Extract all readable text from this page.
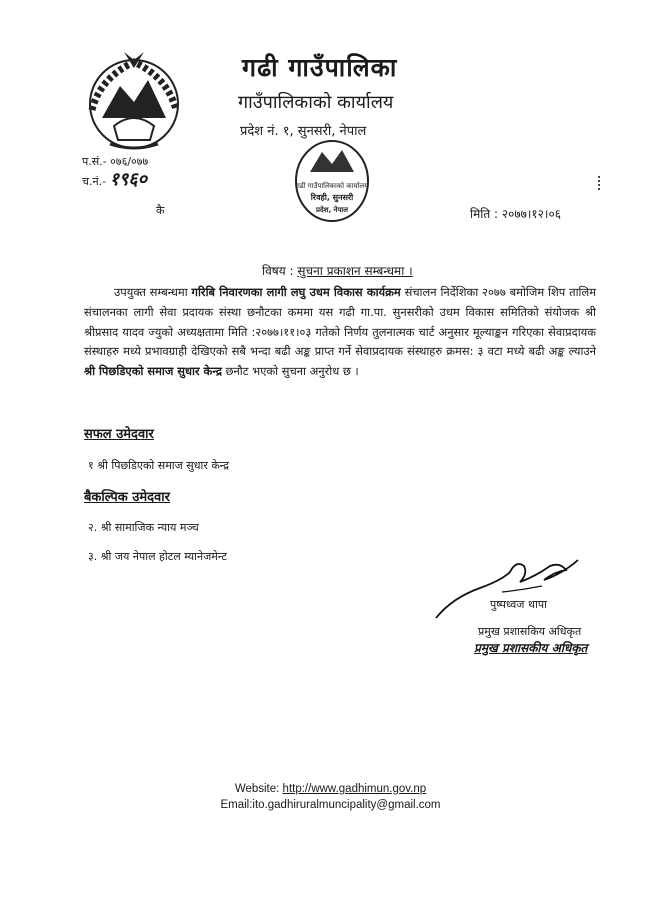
गढी गाउँपालिका
गाउँपालिकाको कार्यालय
प्रदेश नं. १, सुनसरी, नेपाल
प.सं.- ०७६/०७७
च.नं.- १९६०	गढी गाउँपालिकाको कार्यालय
रिवही, सुनसरी
प्रदेश, नेपाल
कै	मिति : २०७७।१२।०६
विषय : सुचना प्रकाशन सम्बन्धमा ।

उपयुक्त सम्बन्धमा गरिबि निवारणका लागी लघु उधम विकास कार्यक्रम संचालन निर्देशिका २०७७ बमोजिम शिप तालिम संचालनका लागी सेवा प्रदायक संस्था छनौटका कममा यस गढी गा.पा. सुनसरीको उधम विकास समितिको संयोजक श्री श्रीप्रसाद यादव ज्युको अध्यक्षतामा मिति :२०७७।११।०३ गतेको निर्णय तुलनात्मक चार्ट अनुसार मूल्याङ्कन गरिएका सेवाप्रदायक संस्थाहरु मध्ये प्रभावग्राही देखिएको सबै भन्दा बढी अङ्क प्राप्त गर्ने सेवाप्रदायक संस्थाहरु क्रमस: ३ वटा मध्ये बढी अङ्क ल्याउने श्री पिछडिएको समाज सुधार केन्द्र छनौट भएको सुचना अनुरोध छ ।

सफल उमेदवार
१ श्री पिछडिएको समाज सुधार केन्द्र
बैकल्पिक उमेदवार
२. श्री सामाजिक न्याय मञ्च
३. श्री जय नेपाल होटल म्यानेजमेन्ट
पुष्पध्वज थापा
प्रमुख प्रशासकिय अधिकृत
प्रमुख प्रशासकीय अधिकृत
Website: http://www.gadhimun.gov.np
Email:ito.gadhiruralmuncipality@gmail.com
